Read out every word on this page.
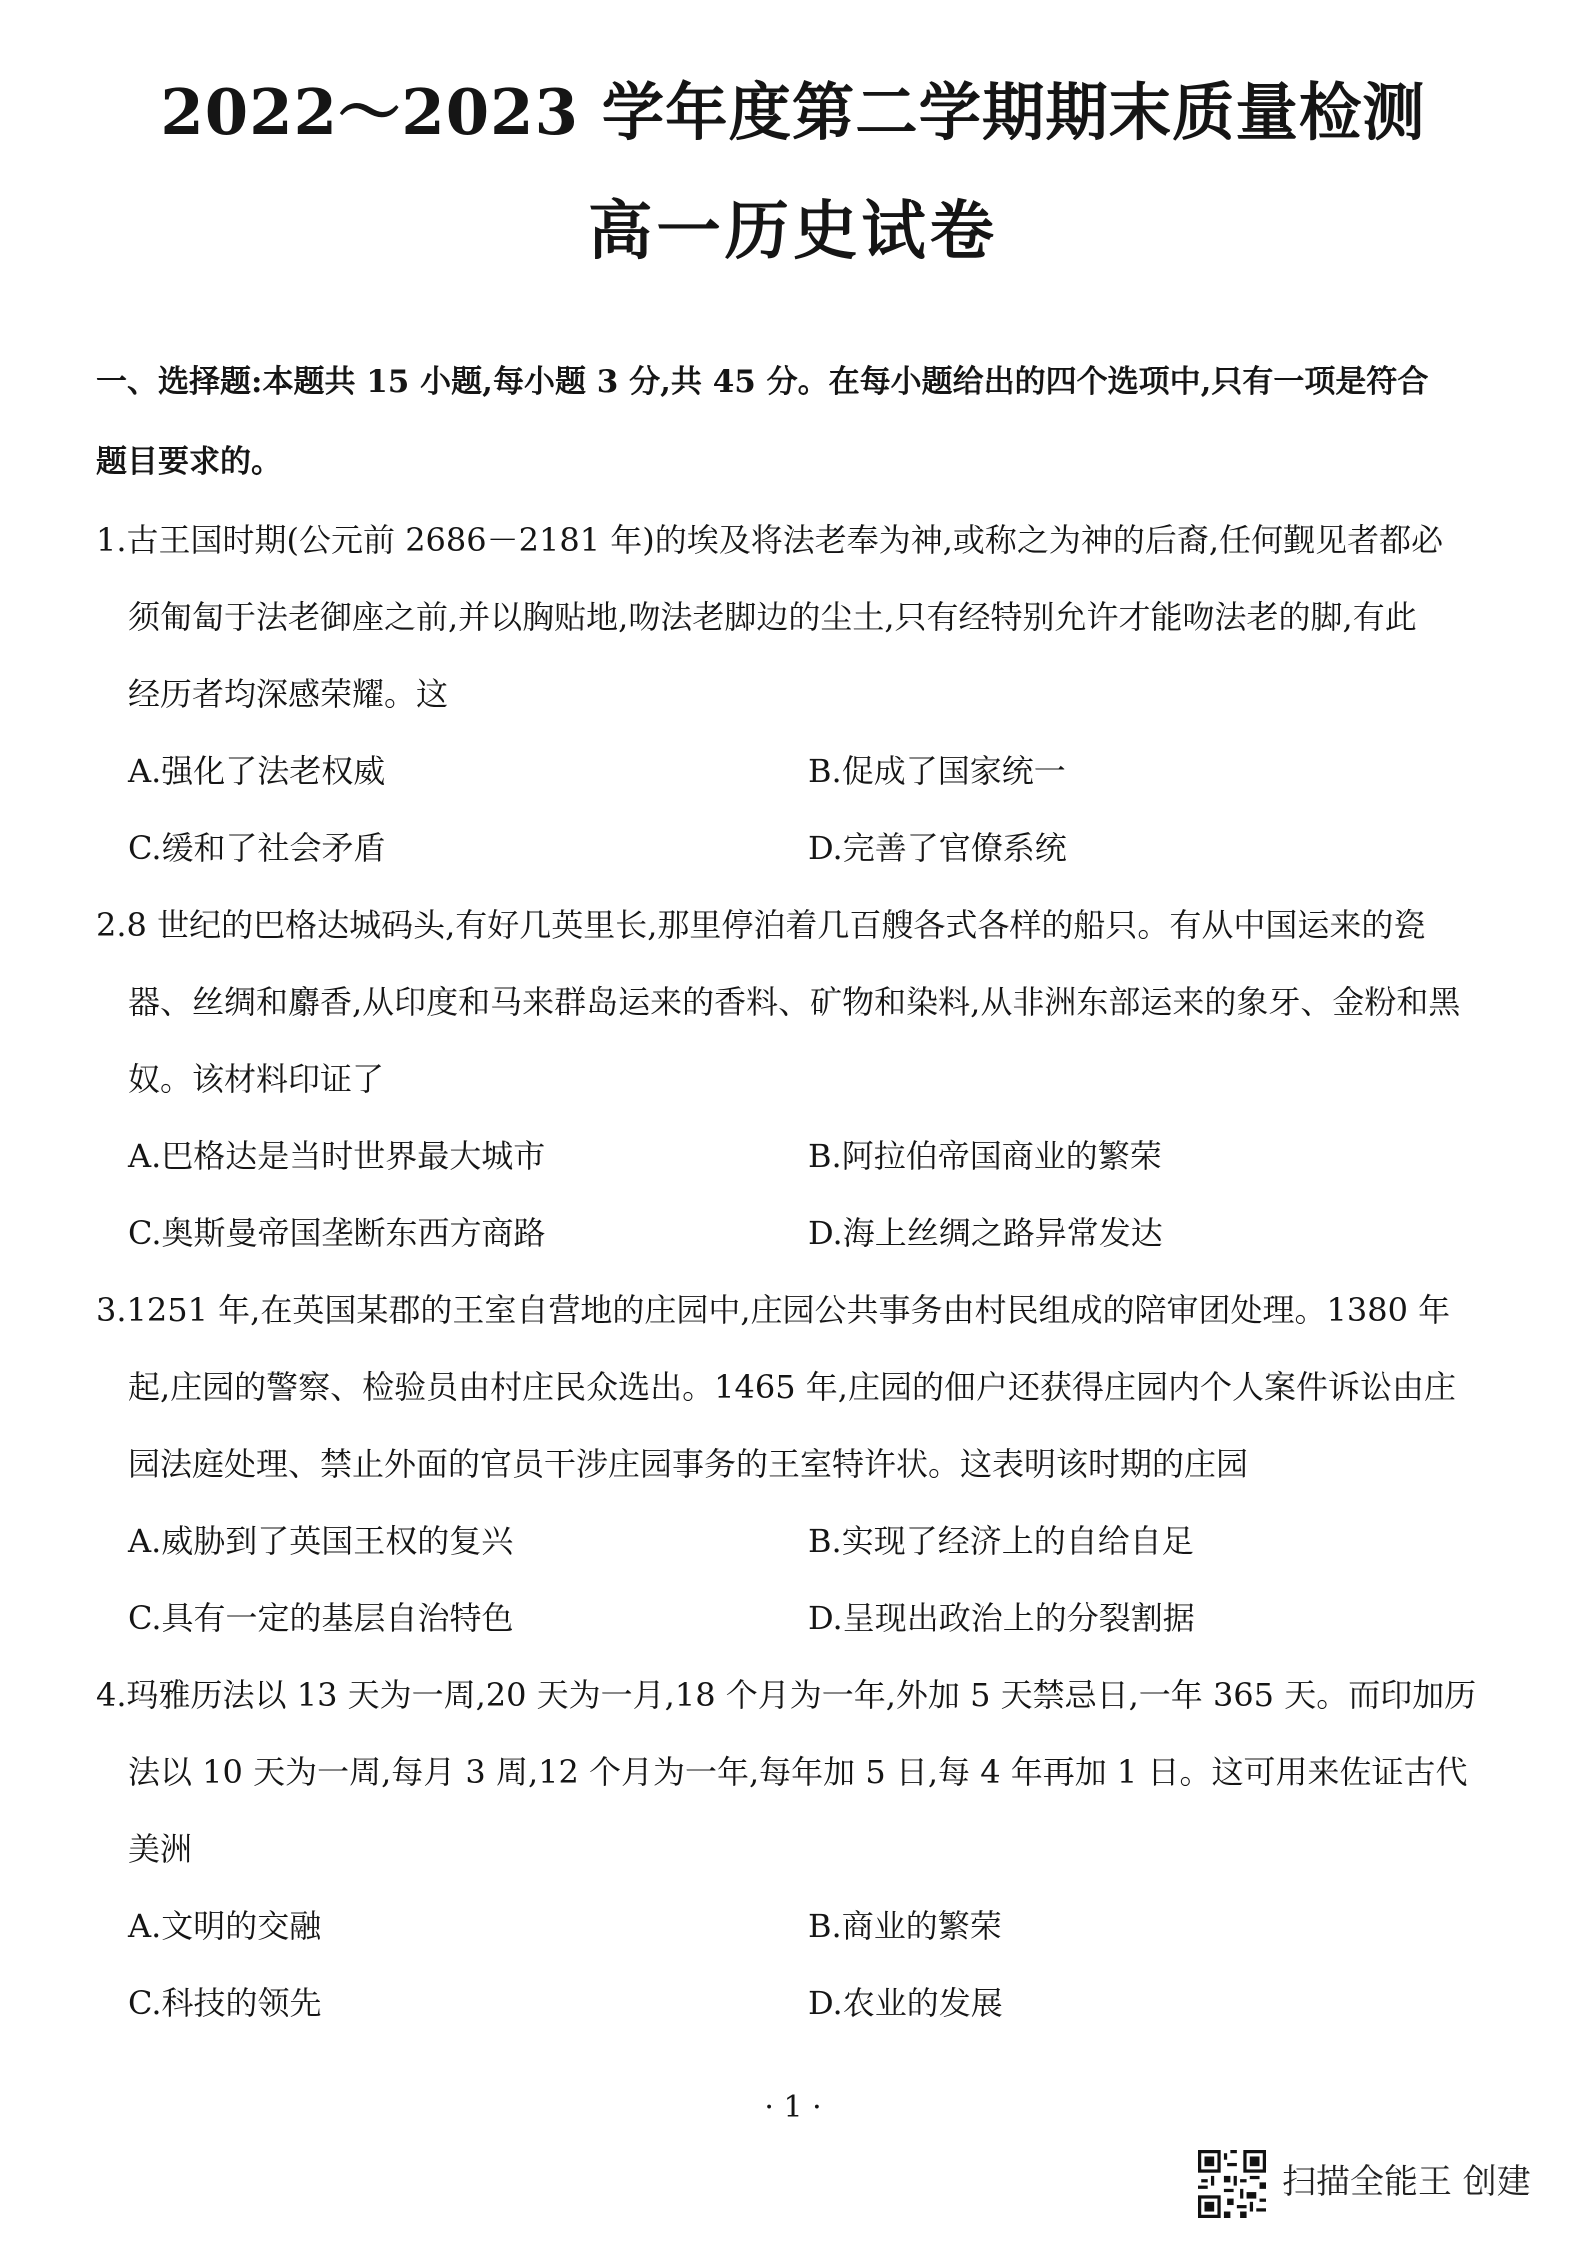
2022～2023 学年度第二学期期末质量检测
高一历史试卷
一、选择题:本题共 15 小题,每小题 3 分,共 45 分。在每小题给出的四个选项中,只有一项是符合
题目要求的。
1.古王国时期(公元前 2686－2181 年)的埃及将法老奉为神,或称之为神的后裔,任何觐见者都必
须匍匐于法老御座之前,并以胸贴地,吻法老脚边的尘土,只有经特别允许才能吻法老的脚,有此
经历者均深感荣耀。这
A.强化了法老权威	B.促成了国家统一
C.缓和了社会矛盾	D.完善了官僚系统
2.8 世纪的巴格达城码头,有好几英里长,那里停泊着几百艘各式各样的船只。有从中国运来的瓷
器、丝绸和麝香,从印度和马来群岛运来的香料、矿物和染料,从非洲东部运来的象牙、金粉和黑
奴。该材料印证了
A.巴格达是当时世界最大城市	B.阿拉伯帝国商业的繁荣
C.奥斯曼帝国垄断东西方商路	D.海上丝绸之路异常发达
3.1251 年,在英国某郡的王室自营地的庄园中,庄园公共事务由村民组成的陪审团处理。1380 年
起,庄园的警察、检验员由村庄民众选出。1465 年,庄园的佃户还获得庄园内个人案件诉讼由庄
园法庭处理、禁止外面的官员干涉庄园事务的王室特许状。这表明该时期的庄园
A.威胁到了英国王权的复兴	B.实现了经济上的自给自足
C.具有一定的基层自治特色	D.呈现出政治上的分裂割据
4.玛雅历法以 13 天为一周,20 天为一月,18 个月为一年,外加 5 天禁忌日,一年 365 天。而印加历
法以 10 天为一周,每月 3 周,12 个月为一年,每年加 5 日,每 4 年再加 1 日。这可用来佐证古代
美洲
A.文明的交融	B.商业的繁荣
C.科技的领先	D.农业的发展
· 1 ·
扫描全能王 创建
